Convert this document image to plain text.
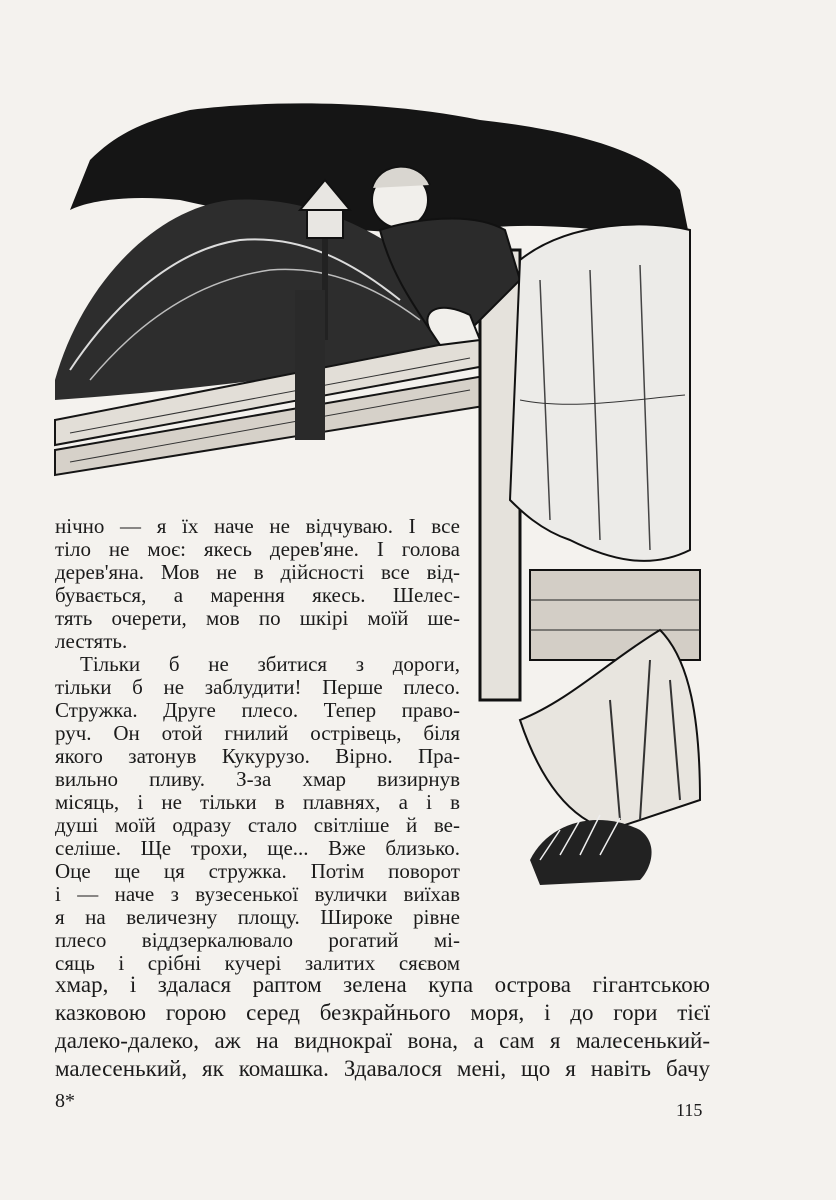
нічно — я їх наче не відчуваю. І все
тіло не моє: якесь дерев'яне. І голова
дерев'яна. Мов не в дійсності все від-
бувається, а марення якесь. Шелес-
тять очерети, мов по шкірі моїй ше-
лестять.
Тільки б не збитися з дороги,
тільки б не заблудити! Перше плесо.
Стружка. Друге плесо. Тепер право-
руч. Он отой гнилий острівець, біля
якого затонув Кукурузо. Вірно. Пра-
вильно пливу. З-за хмар визирнув
місяць, і не тільки в плавнях, а і в
душі моїй одразу стало світліше й ве-
селіше. Ще трохи, ще... Вже близько.
Оце ще ця стружка. Потім поворот
і — наче з вузесенької вулички виїхав
я на величезну площу. Широке рівне
плесо віддзеркалювало рогатий мі-
сяць і срібні кучері залитих сяєвом
хмар, і здалася раптом зелена купа острова гігантською
казковою горою серед безкрайнього моря, і до гори тієї
далеко-далеко, аж на виднокраї вона, а сам я малесенький-
малесенький, як комашка. Здавалося мені, що я навіть бачу
8*	115
